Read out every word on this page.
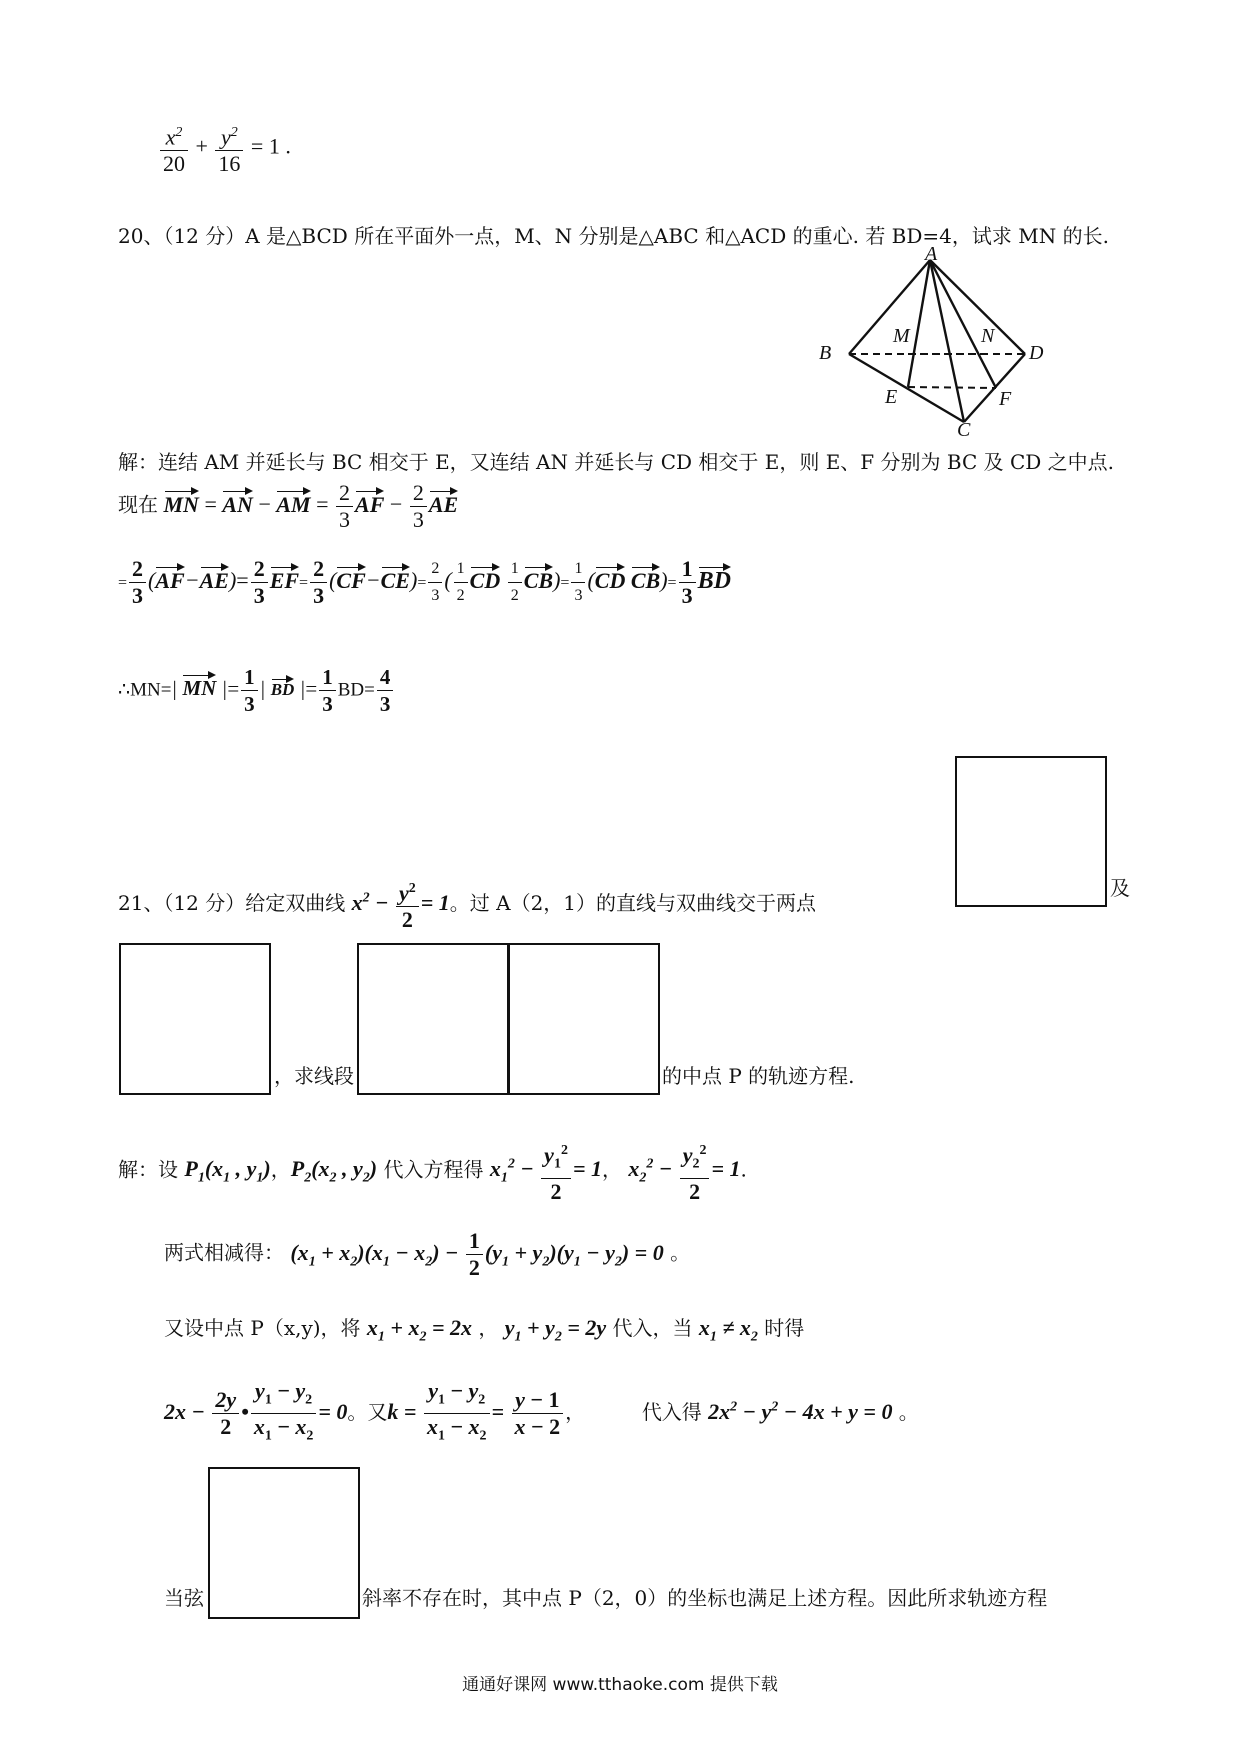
$\frac{x^2}{20} + \frac{y^2}{16} = 1$ .
20、（12 分）A 是△BCD 所在平面外一点，M、N 分别是△ABC 和△ACD 的重心. 若 BD=4，试求 MN 的长.
A
B
C
D
E	F
M	N
解：连结 AM 并延长与 BC 相交于 E，又连结 AN 并延长与 CD 相交于 E，则 E、F 分别为 BC 及 CD 之中点.
现在 MN = AN − AM = $\frac{2}{3}$ AF − $\frac{2}{3}$ AE
= $\frac{2}{3} (AF-AE)= \frac{2}{3} EF= \frac{2}{3} (CF-CE)= \frac{2}{3}$ ( $\frac{1}{2}$ CD $\frac{1}{2} CB)= \frac{1}{3} (CD$ $CB)= \frac{1}{3}$ BD
∴MN=| MN |= $\frac{1}{3}$ | BD |= $\frac{1}{3} BD= \frac{4}{3}$
21、（12 分）给定双曲线 $x^2 - \frac{y^2}{2} = 1$。过 A（2，1）的直线与双曲线交于两点
及
，求线段	的中点 P 的轨迹方程.
解：设 $P_1(x_1$ , $y_1$)，$P_2(x_2$ , $y_2$) 代入方程得 $x_1^2 - \frac{y_1^2}{2} = 1$， $x_2^2 - \frac{y_2^2}{2} = 1$.
两式相减得： $(x_1 + x_2)(x_1 - x_2) - \frac{1}{2} (y_1 + y_2)(y_1 - y_2) = 0$ 。
又设中点 P（x,y)，将 $x_1 + x_2 = 2x$ ， $y_1 + y_2 = 2y$ 代入，当 $x_1 \ne x_2$ 时得
$2x - \frac{2y}{2}$ • $\frac{y_1 - y_2}{x_1 - x_2} = 0$。又$k = \frac{y_1 - y_2}{x_1 - x_2} = \frac{y - 1}{x - 2}$ ，	代入得 $2x^2 - y^2 - 4x + y = 0$ 。
当弦	斜率不存在时，其中点 P（2，0）的坐标也满足上述方程。因此所求轨迹方程
通通好课网 www.tthaoke.com 提供下载
